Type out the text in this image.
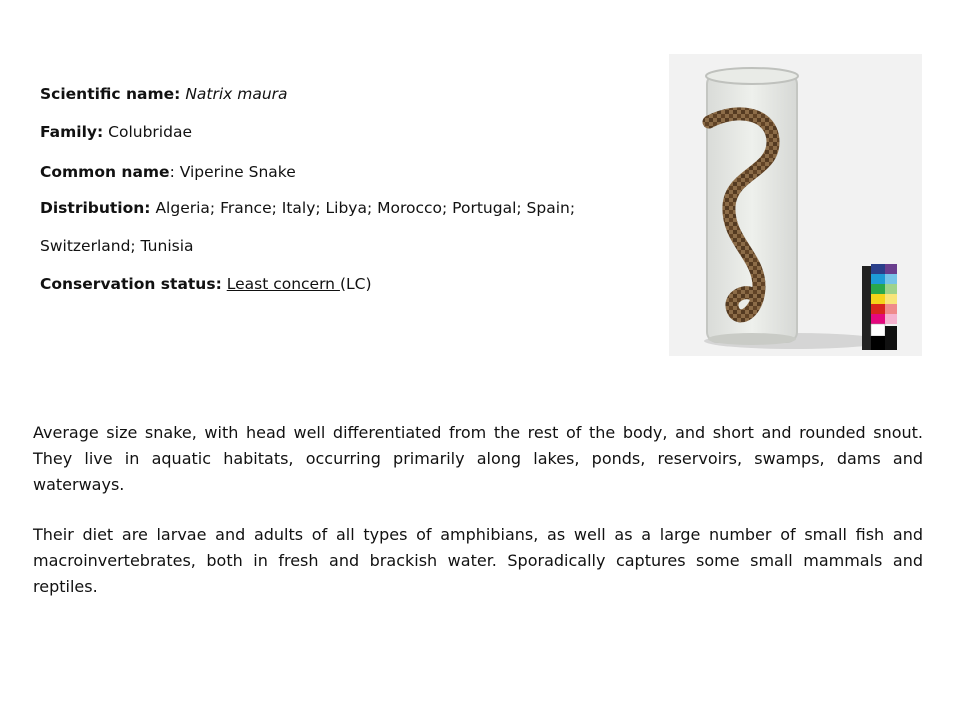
Scientific name: Natrix maura

Family: Colubridae

Common name: Viperine Snake

Distribution: Algeria; France; Italy; Libya; Morocco; Portugal; Spain;

Switzerland; Tunisia

Conservation status: Least concern (LC)

Average size snake, with head well differentiated from the rest of the body, and short and rounded snout. They live in aquatic habitats, occurring primarily along lakes, ponds, reservoirs, swamps, dams and waterways.

Their diet are larvae and adults of all types of amphibians, as well as a large number of small fish and macroinvertebrates, both in fresh and brackish water. Sporadically captures some small mammals and reptiles.
